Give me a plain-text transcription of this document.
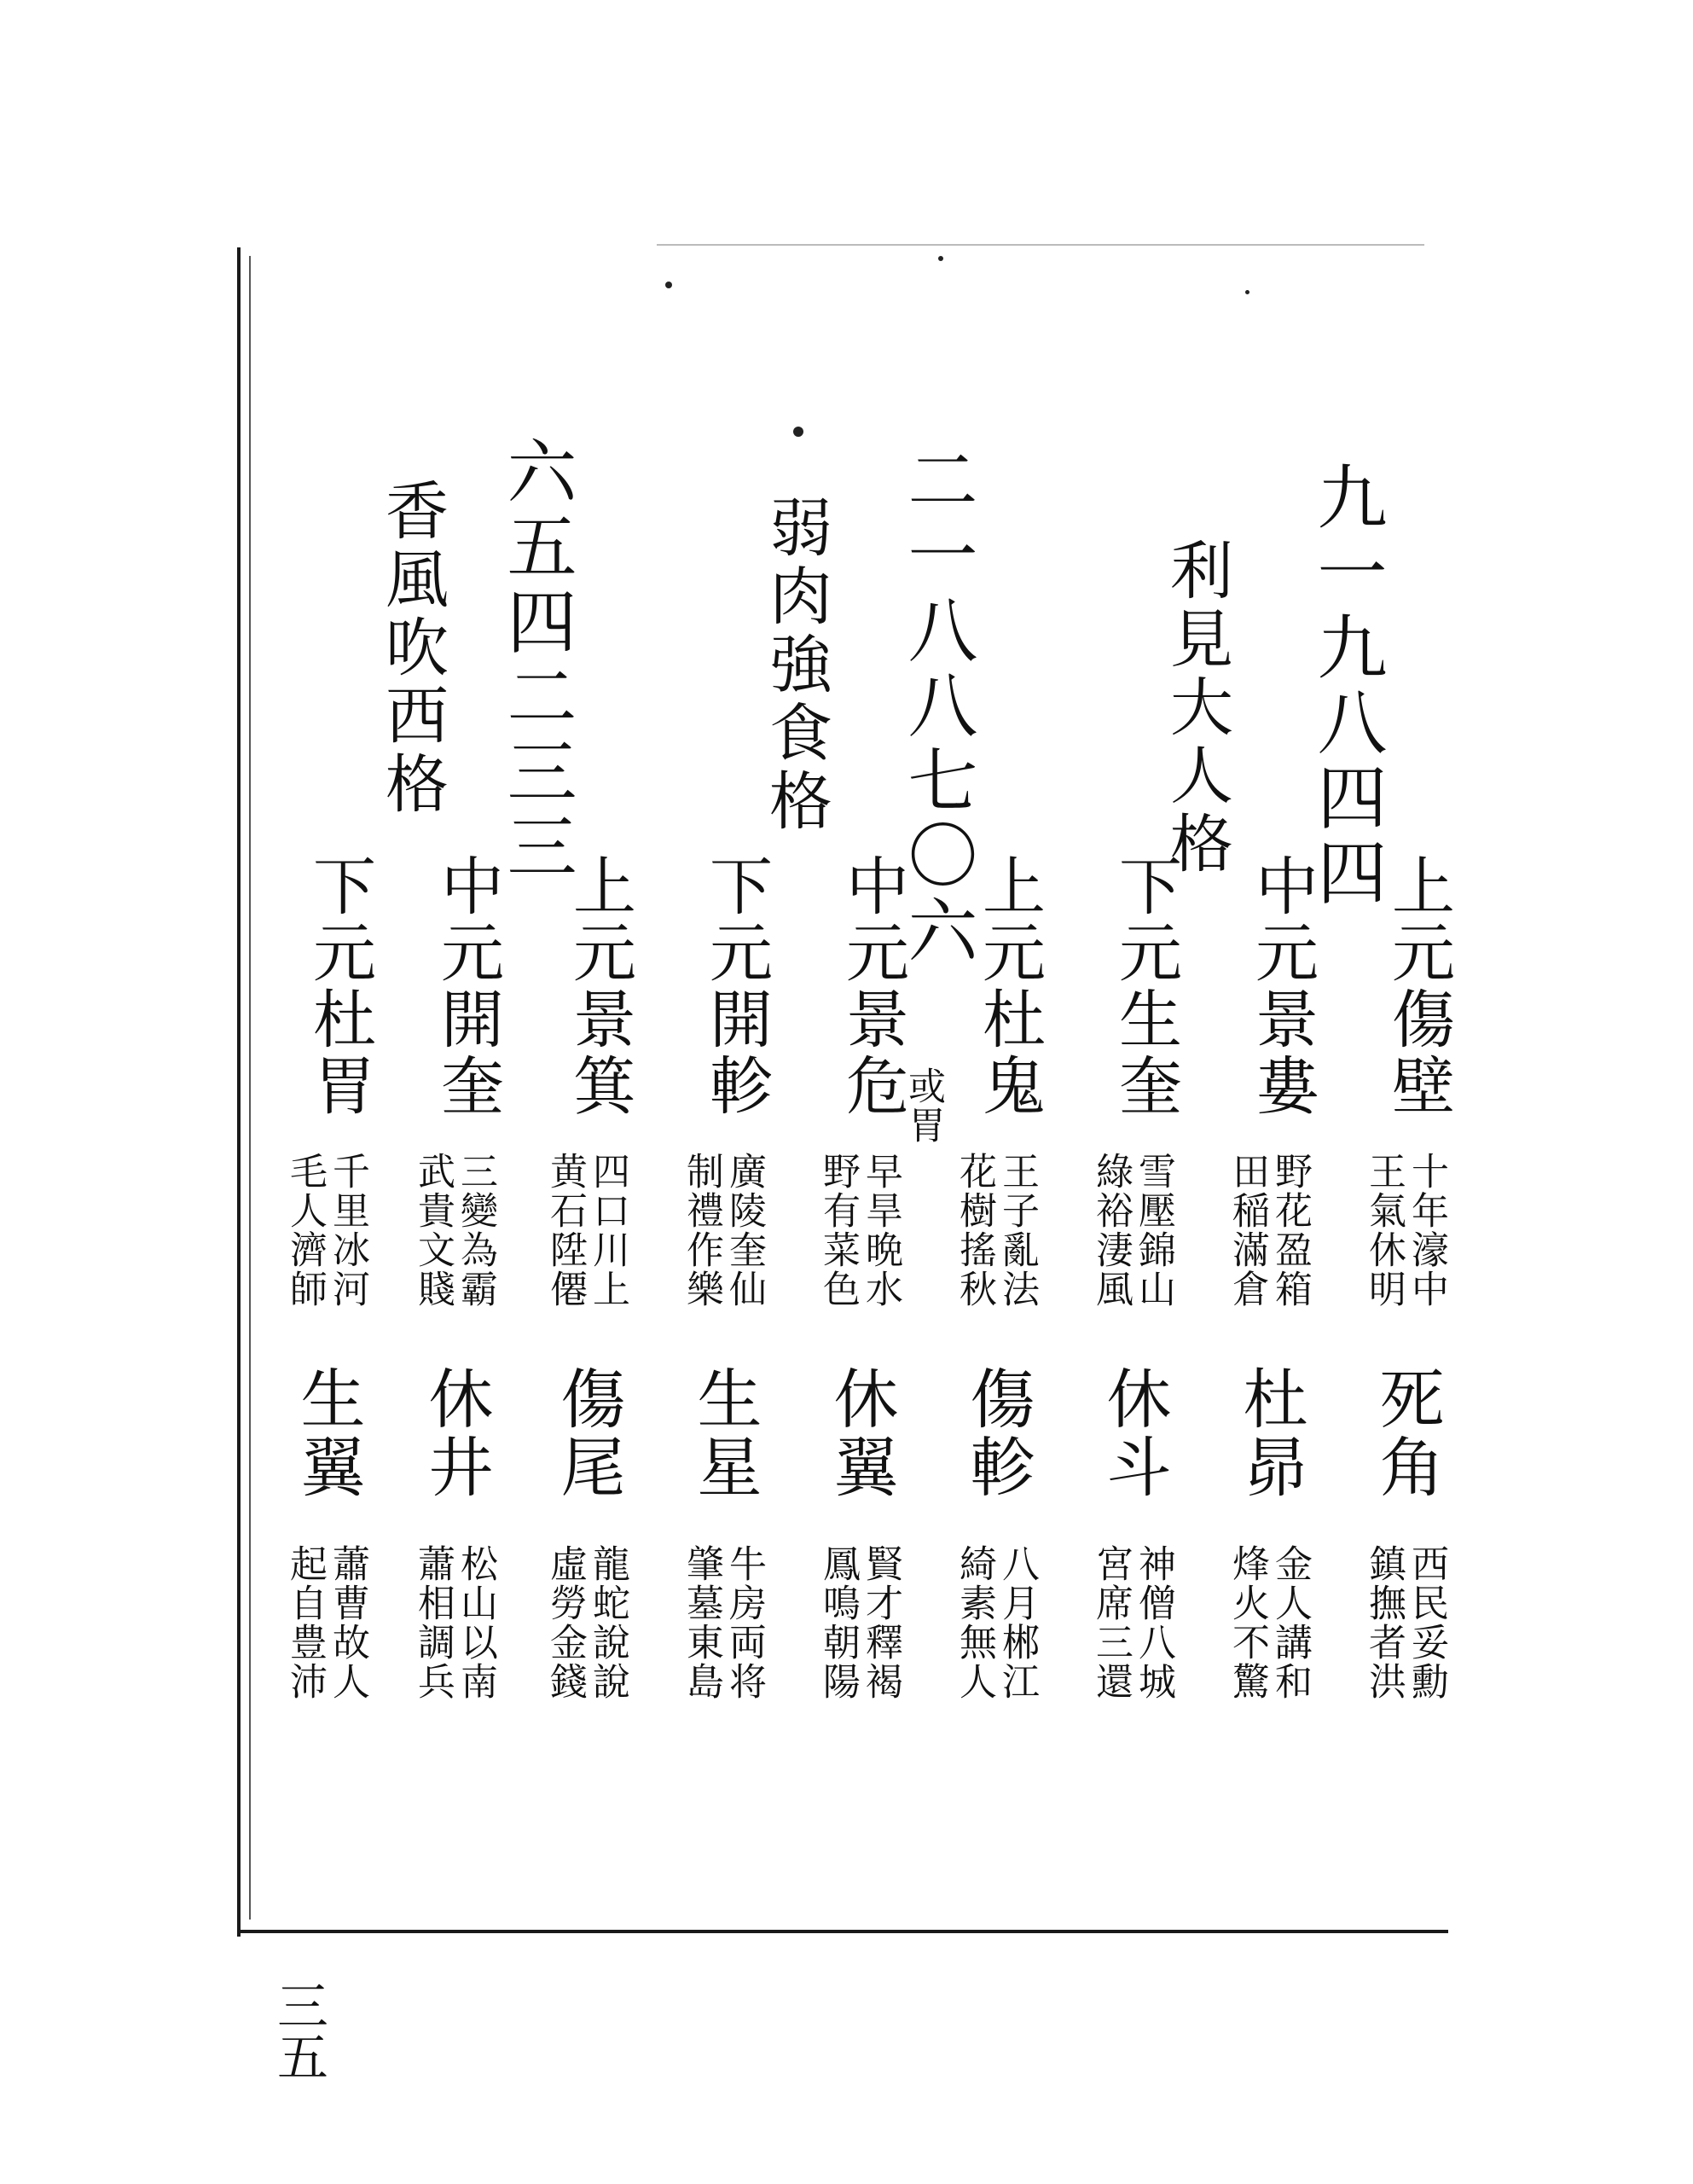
九一九八四四
利見大人格
上元傷壁
十年濠中
王氣休明
死角
西民妥勳
鎮撫者洪
中元景婁
野花盈箱
田稲滿倉
杜昴
金人講和
烽火不驚
下元生奎
雪壓錦山
綠裕淒風
休斗
神僧八城
宮席三還
二一八八七〇六
弱肉強食格
上元杜鬼
王子亂法
花樹搖秋
傷軫
八月郴江
綺素無人
中元景危
或胃
早旱晩水
野有菜色
休翼
賢才釋褐
鳳鳴朝陽
下元開軫
廣陵奎仙
制禮作樂
生星
牛房両将
肇墓東島
六五四二三三
香風吹西格
上元景箕
四口川上
黄石陞僊
傷尾
龍蛇說說
虛勞金錢
中元開奎
三變為霸
武貴文賤
休井
松山以南
蕭相調兵
下元杜胃
千里冰河
毛人濟師
生翼
蕭曹故人
起自豊沛
三五
